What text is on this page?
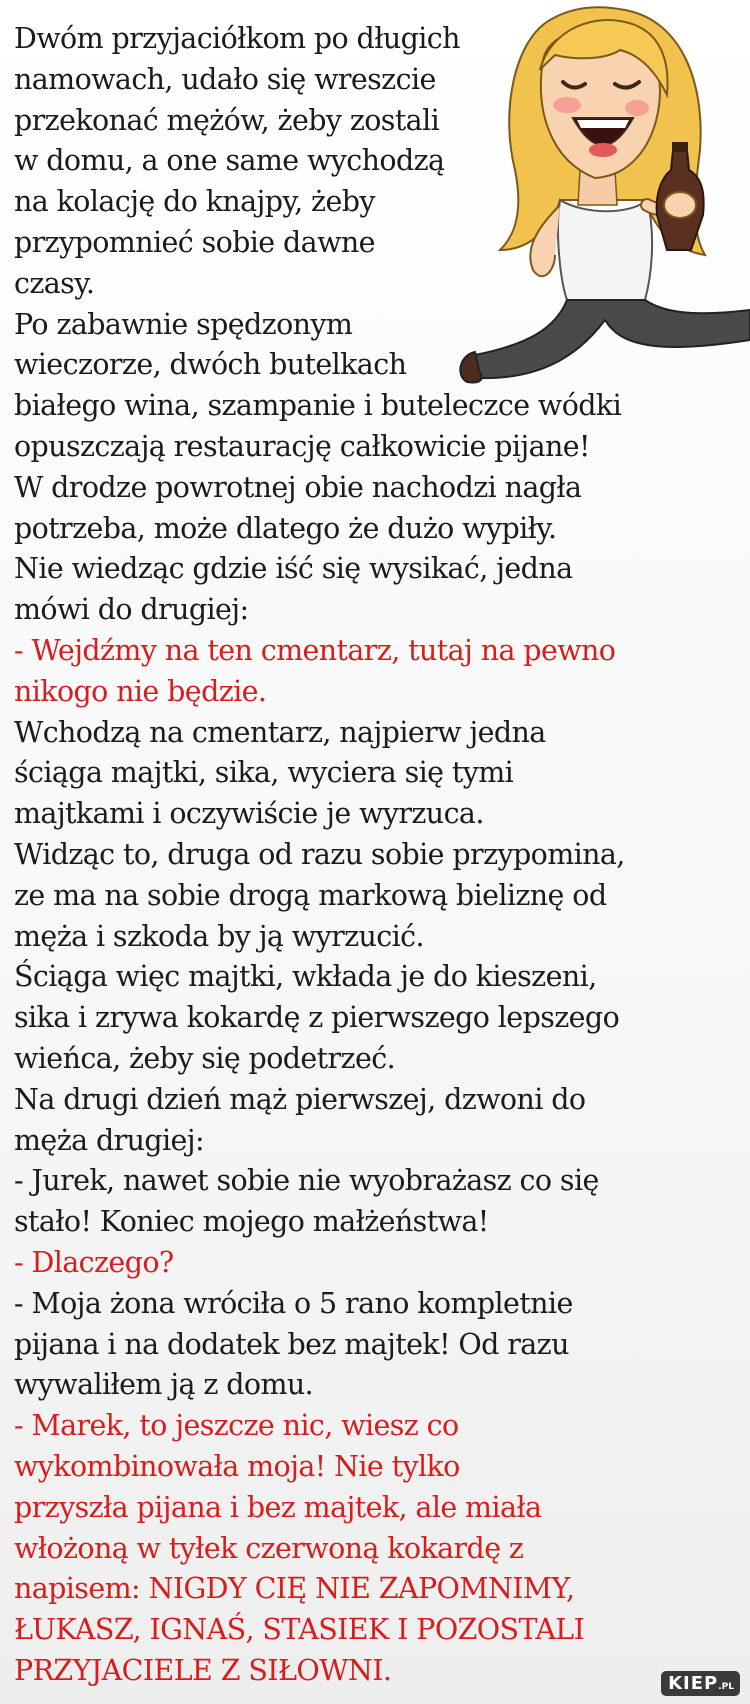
Dwóm przyjaciółkom po długich

namowach, udało się wreszcie

przekonać mężów, żeby zostali

w domu, a one same wychodzą

na kolację do knajpy, żeby

przypomnieć sobie dawne

czasy.

Po zabawnie spędzonym

wieczorze, dwóch butelkach

białego wina, szampanie i buteleczce wódki

opuszczają restaurację całkowicie pijane!

W drodze powrotnej obie nachodzi nagła

potrzeba, może dlatego że dużo wypiły.

Nie wiedząc gdzie iść się wysikać, jedna

mówi do drugiej:

- Wejdźmy na ten cmentarz, tutaj na pewno

nikogo nie będzie.

Wchodzą na cmentarz, najpierw jedna

ściąga majtki, sika, wyciera się tymi

majtkami i oczywiście je wyrzuca.

Widząc to, druga od razu sobie przypomina,

ze ma na sobie drogą markową bieliznę od

męża i szkoda by ją wyrzucić.

Ściąga więc majtki, wkłada je do kieszeni,

sika i zrywa kokardę z pierwszego lepszego

wieńca, żeby się podetrzeć.

Na drugi dzień mąż pierwszej, dzwoni do

męża drugiej:

- Jurek, nawet sobie nie wyobrażasz co się

stało! Koniec mojego małżeństwa!

- Dlaczego?

- Moja żona wróciła o 5 rano kompletnie

pijana i na dodatek bez majtek! Od razu

wywaliłem ją z domu.

- Marek, to jeszcze nic, wiesz co

wykombinowała moja! Nie tylko

przyszła pijana i bez majtek, ale miała

włożoną w tyłek czerwoną kokardę z

napisem: NIGDY CIĘ NIE ZAPOMNIMY,

ŁUKASZ, IGNAŚ, STASIEK I POZOSTALI

PRZYJACIELE Z SIŁOWNI.	KIEP.PL
